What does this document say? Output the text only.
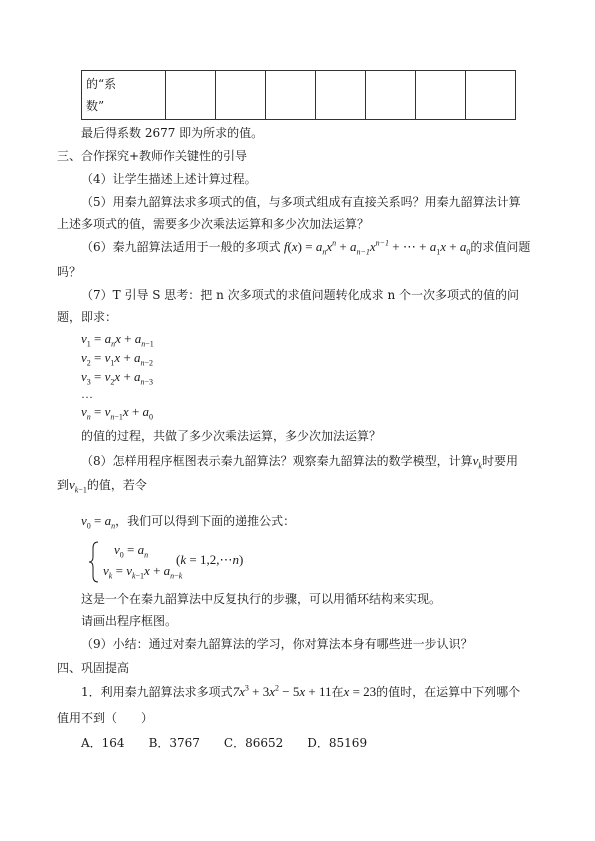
的“系
数”							
最后得系数 2677 即为所求的值。
三、合作探究+教师作关键性的引导
（4）让学生描述上述计算过程。
（5）用秦九韶算法求多项式的值，与多项式组成有直接关系吗？用秦九韶算法计算
上述多项式的值，需要多少次乘法运算和多少次加法运算？
（6）秦九韶算法适用于一般的多项式 $f(x) = a_nx^n + a_{n-1}x^{n-1}$ + ⋯ + $a_1x + a_0$的求值问题
吗？
（7）T 引导 S 思考：把 n 次多项式的求值问题转化成求 n 个一次多项式的值的问
题，即求：
$v_1 = a_nx + a_{n-1}$
$v_2 = v_1x + a_{n-2}$
$v_3 = v_2x + a_{n-3}$
…
$v_n = v_{n-1}x + a_0$
的值的过程，共做了多少次乘法运算，多少次加法运算？
（8）怎样用程序框图表示秦九韶算法？观察秦九韶算法的数学模型，计算$v_k$时要用
到$v_{k-1}$的值，若令
$v_0 = a_n$，我们可以得到下面的递推公式：
$v_0 = a_n$
$v_k = v_{k-1}x + a_{n-k}$
(k = 1,2,⋯n)
这是一个在秦九韶算法中反复执行的步骤，可以用循环结构来实现。
请画出程序框图。
（9）小结：通过对秦九韶算法的学习，你对算法本身有哪些进一步认识？
四、巩固提高
1．利用秦九韶算法求多项式$7x^3 + 3x^2 - 5x + 11$在x = 23的值时，在运算中下列哪个
值用不到（　　）
A．164　　B．3767　　C．86652　　D．85169
